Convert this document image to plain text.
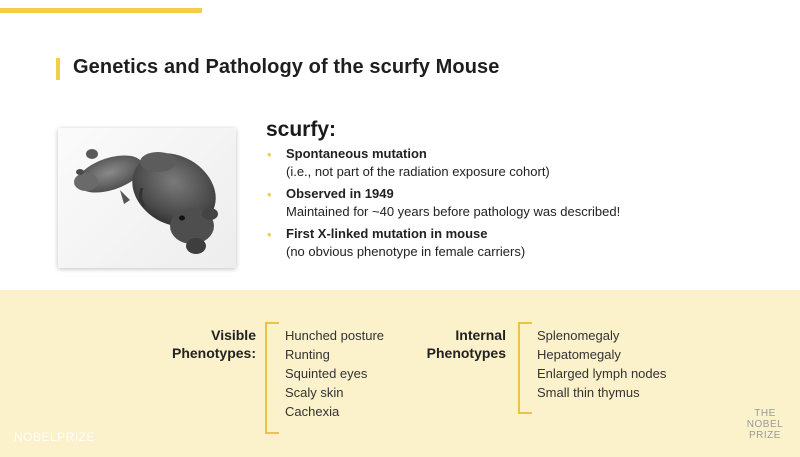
Genetics and Pathology of the scurfy Mouse
scurfy:
• Spontaneous mutation
(i.e., not part of the radiation exposure cohort)
• Observed in 1949
Maintained for ~40 years before pathology was described!
• First X-linked mutation in mouse
(no obvious phenotype in female carriers)
Visible
Phenotypes:
Hunched posture
Runting
Squinted eyes
Scaly skin
Cachexia
Internal
Phenotypes
Splenomegaly
Hepatomegaly
Enlarged lymph nodes
Small thin thymus
NOBELPRIZE
THE
NOBEL
PRIZE
